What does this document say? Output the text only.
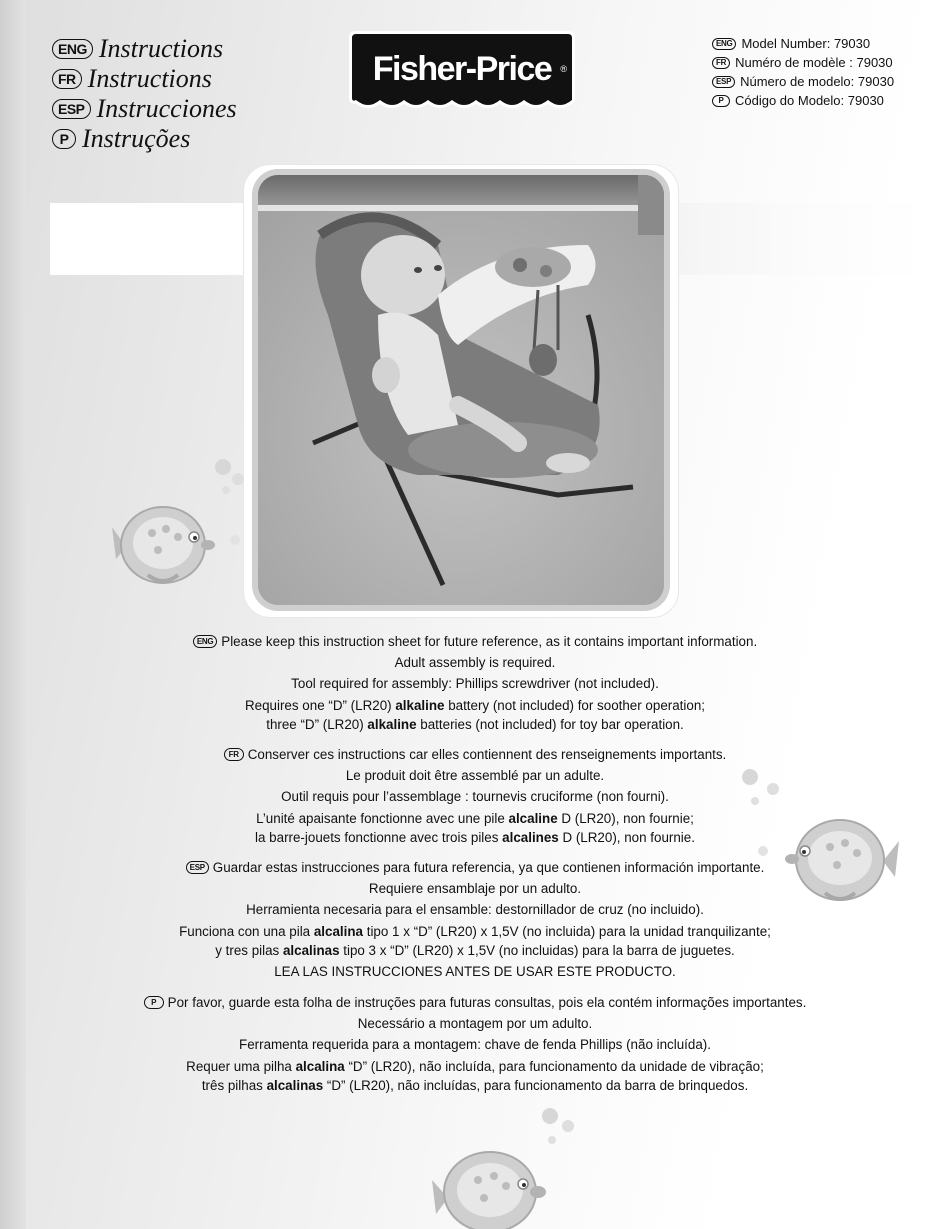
ENG Instructions
FR Instructions
ESP Instrucciones
P Instruções
Fisher-Price ®
ENG Model Number:
79030
FR Numéro de modèle :
79030
ESP Número de modelo:
79030
P Código do Modelo:
79030
ENG Please keep this instruction sheet for future reference, as it contains important information.
Adult assembly is required.
Tool required for assembly: Phillips screwdriver (not included).
Requires one “D” (LR20) alkaline battery (not included) for soother operation;
three “D” (LR20) alkaline batteries (not included) for toy bar operation.
FR Conserver ces instructions car elles contiennent des renseignements importants.
Le produit doit être assemblé par un adulte.
Outil requis pour l’assemblage : tournevis cruciforme (non fourni).
L’unité apaisante fonctionne avec une pile alcaline D (LR20), non fournie;
la barre-jouets fonctionne avec trois piles alcalines D (LR20), non fournie.
ESP Guardar estas instrucciones para futura referencia, ya que contienen información importante.
Requiere ensamblaje por un adulto.
Herramienta necesaria para el ensamble: destornillador de cruz (no incluido).
Funciona con una pila alcalina tipo 1 x “D” (LR20) x 1,5V (no incluida) para la unidad tranquilizante;
y tres pilas alcalinas tipo 3 x “D” (LR20) x 1,5V (no incluidas) para la barra de juguetes.
LEA LAS INSTRUCCIONES ANTES DE USAR ESTE PRODUCTO.
P Por favor, guarde esta folha de instruções para futuras consultas, pois ela contém informações importantes.
Necessário a montagem por um adulto.
Ferramenta requerida para a montagem: chave de fenda Phillips (não incluída).
Requer uma pilha alcalina “D” (LR20), não incluída, para funcionamento da unidade de vibração;
três pilhas alcalinas “D” (LR20), não incluídas, para funcionamento da barra de brinquedos.
